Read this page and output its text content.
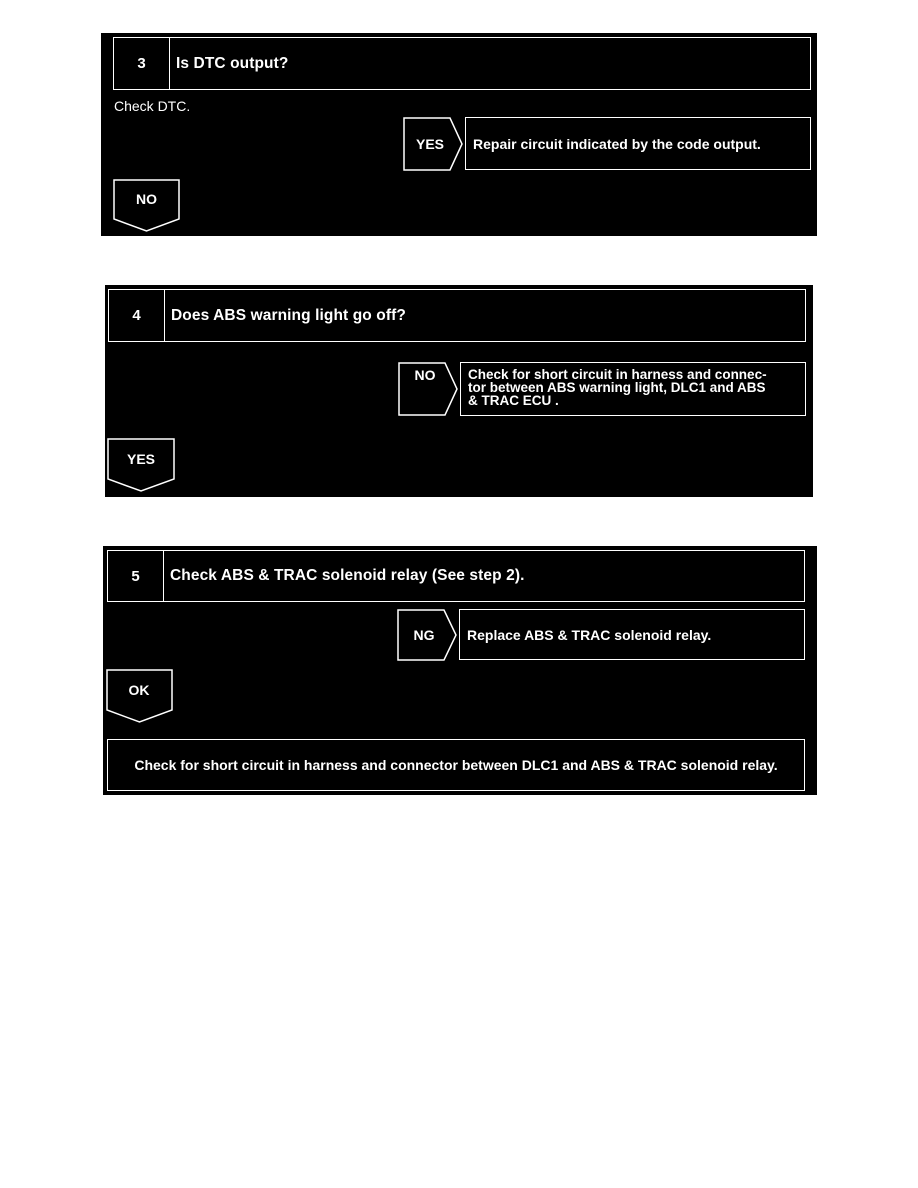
3	Is DTC output?
Check DTC.
YES	Repair circuit indicated by the code output.
NO
4	Does ABS warning light go off?
NO	Check for short circuit in harness and connec-
tor between ABS warning light, DLC1 and ABS
& TRAC ECU .
YES
5	Check ABS & TRAC solenoid relay (See step 2).
NG	Replace ABS & TRAC solenoid relay.
OK
Check for short circuit in harness and connector between DLC1 and ABS & TRAC solenoid relay.
